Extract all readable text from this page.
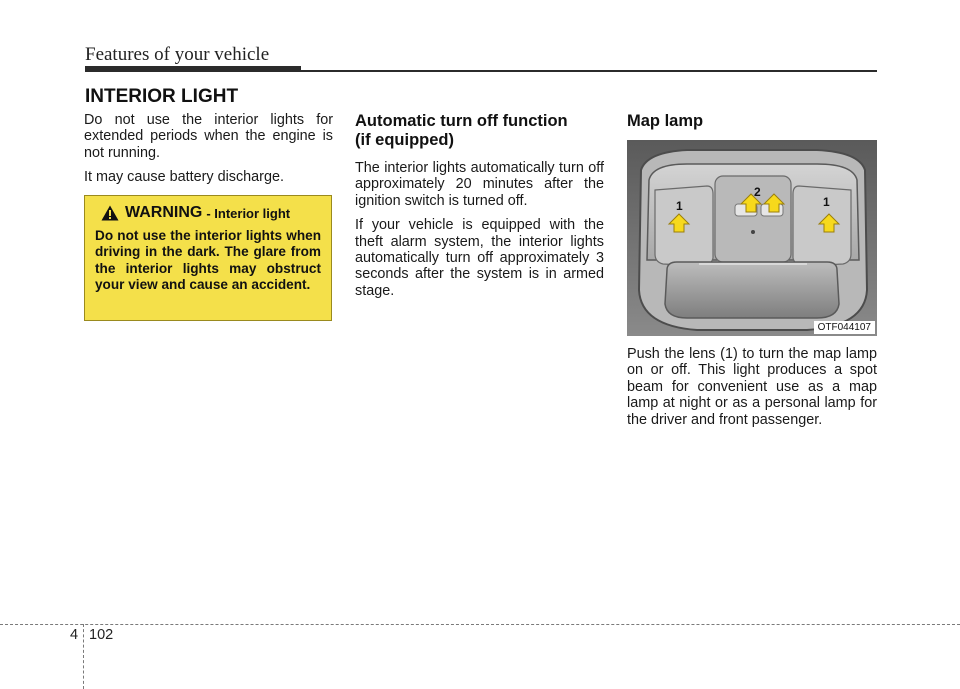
Features of your vehicle
INTERIOR LIGHT

Do not use the interior lights for extended periods when the engine is not running.

It may cause battery discharge.

WARNING - Interior light

Do not use the interior lights when driving in the dark. The glare from the interior lights may obstruct your view and cause an accident.

Automatic turn off function
(if equipped)

The interior lights automatically turn off approximately 20 minutes after the ignition switch is turned off.

If your vehicle is equipped with the theft alarm system, the interior lights automatically turn off approximately 3 seconds after the system is in armed stage.

Map lamp
1
2
1
OTF044107

Push the lens (1) to turn the map lamp on or off. This light produces a spot beam for convenient use as a map lamp at night or as a personal lamp for the driver and front passenger.

4 102
